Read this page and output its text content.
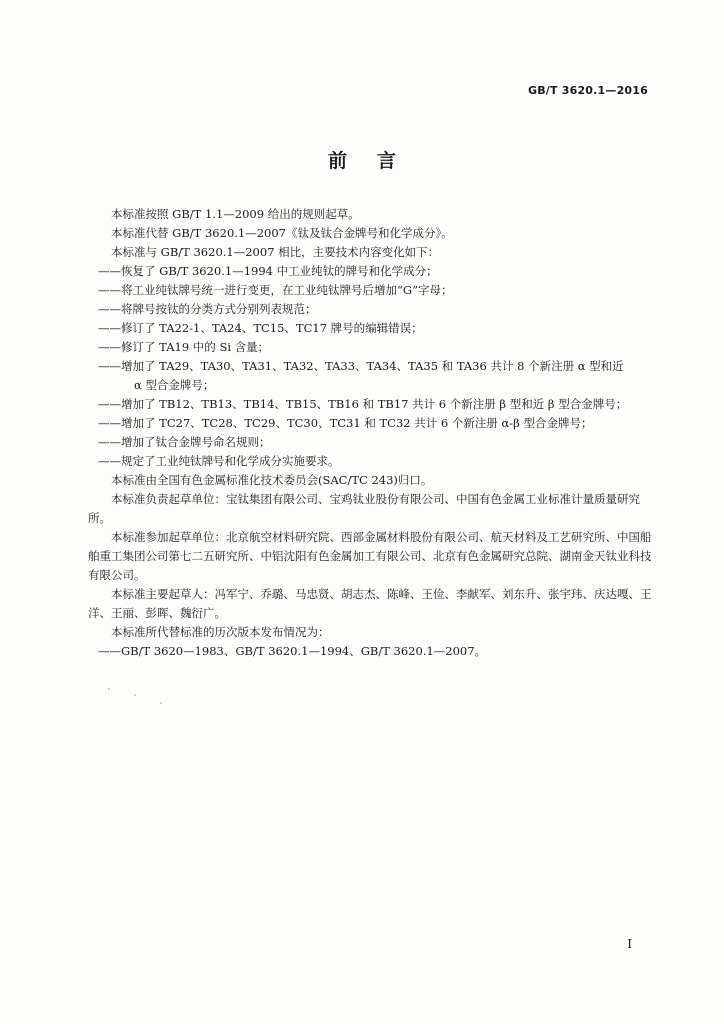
GB/T 3620.1—2016
前言

本标准按照 GB/T 1.1—2009 给出的规则起草。

本标准代替 GB/T 3620.1—2007《钛及钛合金牌号和化学成分》。

本标准与 GB/T 3620.1—2007 相比，主要技术内容变化如下：

——恢复了 GB/T 3620.1—1994 中工业纯钛的牌号和化学成分；

——将工业纯钛牌号统一进行变更，在工业纯钛牌号后增加“G”字母；

——将牌号按钛的分类方式分别列表规范；

——修订了 TA22-1、TA24、TC15、TC17 牌号的编辑错误；

——修订了 TA19 中的 Si 含量；

——增加了 TA29、TA30、TA31、TA32、TA33、TA34、TA35 和 TA36 共计 8 个新注册 α 型和近
α 型合金牌号；

——增加了 TB12、TB13、TB14、TB15、TB16 和 TB17 共计 6 个新注册 β 型和近 β 型合金牌号；

——增加了 TC27、TC28、TC29、TC30、TC31 和 TC32 共计 6 个新注册 α-β 型合金牌号；

——增加了钛合金牌号命名规则；

——规定了工业纯钛牌号和化学成分实施要求。

本标准由全国有色金属标准化技术委员会(SAC/TC 243)归口。

本标准负责起草单位：宝钛集团有限公司、宝鸡钛业股份有限公司、中国有色金属工业标准计量质量研究所。

本标准参加起草单位：北京航空材料研究院、西部金属材料股份有限公司、航天材料及工艺研究所、中国船舶重工集团公司第七二五研究所、中铝沈阳有色金属加工有限公司、北京有色金属研究总院、湖南金天钛业科技有限公司。

本标准主要起草人：冯军宁、乔璐、马忠贤、胡志杰、陈峰、王俭、李献军、刘东升、张宇玮、庆达嘎、王洋、王丽、彭晖、魏衍广。

本标准所代替标准的历次版本发布情况为：

——GB/T 3620—1983、GB/T 3620.1—1994、GB/T 3620.1—2007。

I
